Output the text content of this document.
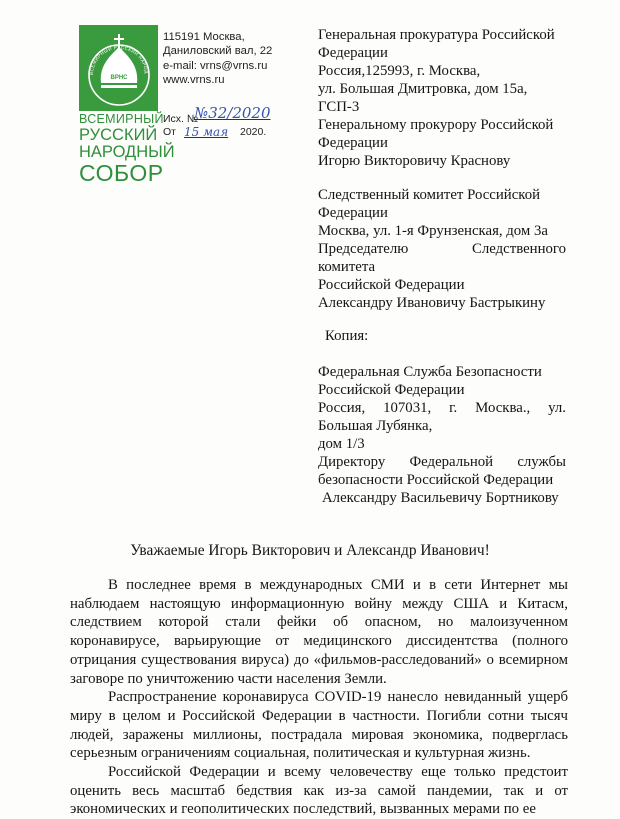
ВСЕМИРНЫЙ РУССКИЙ НАРОД
ВРНС
ВСЕМИРНЫЙ
РУССКИЙ
НАРОДНЫЙ
СОБОР
115191 Москва,
Даниловский вал, 22
e-mail: vrns@vrns.ru
www.vrns.ru
Исх. №
№32/2020
От 15 мая 2020.
Генеральная прокуратура Российской
Федерации
Россия,125993, г. Москва,
ул. Большая Дмитровка, дом 15а,
ГСП-3
Генеральному прокурору Российской
Федерации
Игорю Викторовичу Краснову
Следственный комитет Российской
Федерации
Москва, ул. 1-я Фрунзенская, дом 3а
Председателю Следственного
комитета
Российской Федерации
Александру Ивановичу Бастрыкину
Копия:
Федеральная Служба Безопасности
Российской Федерации
Россия, 107031, г. Москва., ул.
Большая Лубянка,
дом 1/3
Директору Федеральной службы
безопасности Российской Федерации
Александру Васильевичу Бортникову
Уважаемые Игорь Викторович и Александр Иванович!

В последнее время в международных СМИ и в сети Интернет мы наблюдаем настоящую информационную войну между США и Китасм, следствием которой стали фейки об опасном, но малоизученном коронавирусе, варьирующие от медицинского диссидентства (полного отрицания существования вируса) до «фильмов-расследований» о всемирном заговоре по уничтожению части населения Земли.

Распространение коронавируса COVID-19 нанесло невиданный ущерб миру в целом и Российской Федерации в частности. Погибли сотни тысяч людей, заражены миллионы, пострадала мировая экономика, подверглась серьезным ограничениям социальная, политическая и культурная жизнь.

Российской Федерации и всему человечеству еще только предстоит оценить весь масштаб бедствия как из-за самой пандемии, так и от экономических и геополитических последствий, вызванных мерами по ее
